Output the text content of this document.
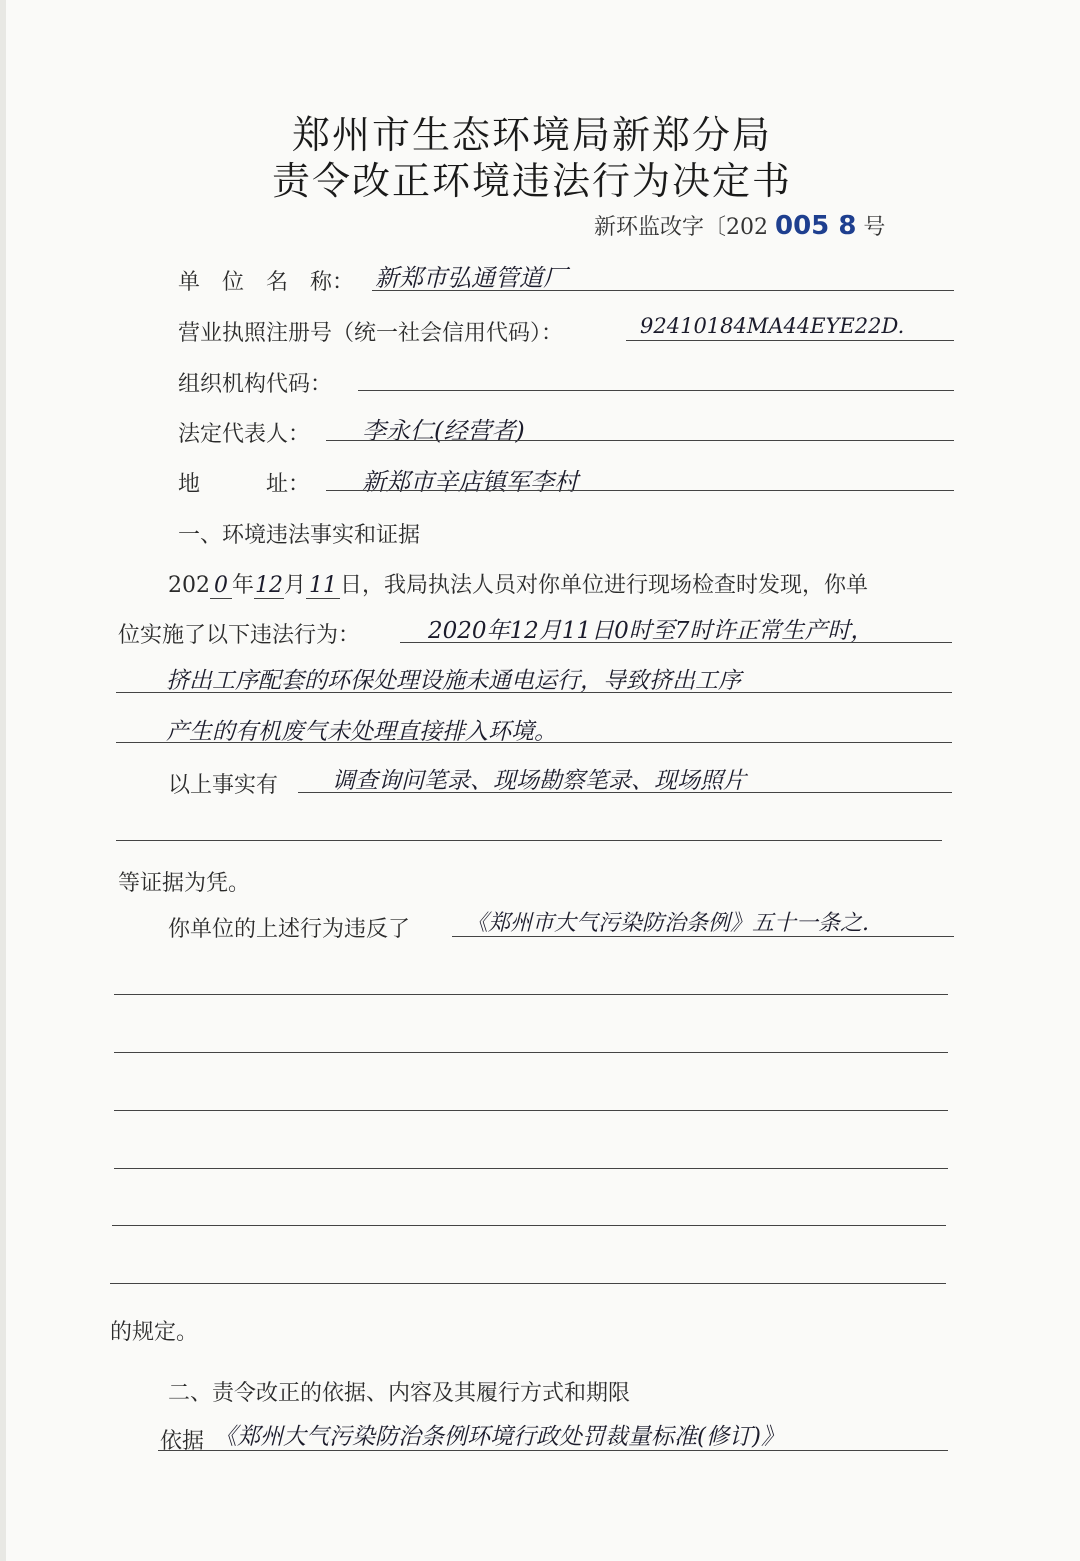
郑州市生态环境局新郑分局
责令改正环境违法行为决定书
新环监改字〔202 005 8 号
单　位　名　称： 新郑市弘通管道厂
营业执照注册号（统一社会信用代码）：	92410184MA44EYE22D.
组织机构代码：
法定代表人： 李永仁(经营者)
地　　　址： 新郑市辛店镇军李村
一、环境违法事实和证据
202 0 年12月 11 日，我局执法人员对你单位进行现场检查时发现，你单
位实施了以下违法行为：	2020年12月11日0时至7时许正常生产时，
挤出工序配套的环保处理设施未通电运行，导致挤出工序
产生的有机废气未处理直接排入环境。
以上事实有 调查询问笔录、现场勘察笔录、现场照片
等证据为凭。
你单位的上述行为违反了	《郑州市大气污染防治条例》五十一条之.
的规定。
二、责令改正的依据、内容及其履行方式和期限
依据 《郑州大气污染防治条例环境行政处罚裁量标准(修订)》
